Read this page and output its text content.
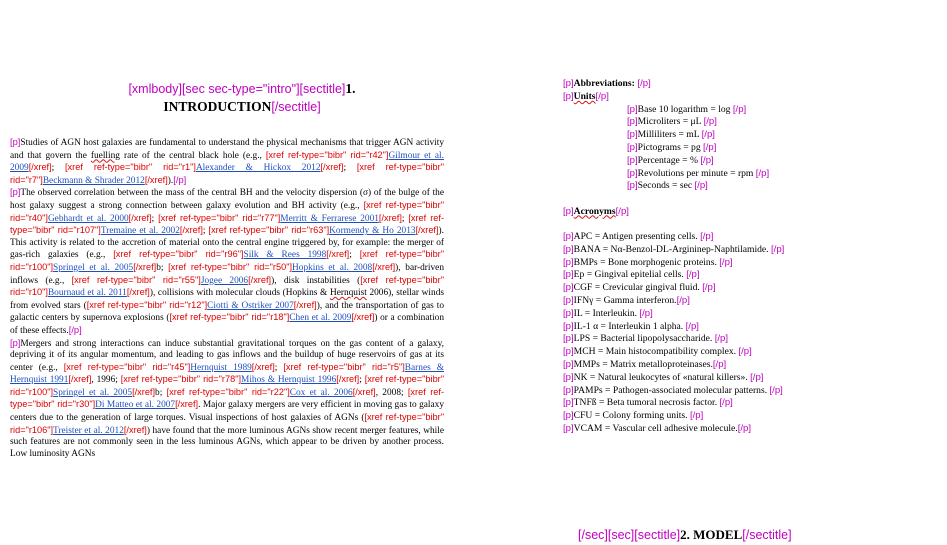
[xmlbody][sec sec-type="intro"][sectitle]1.
INTRODUCTION[/sectitle]

[p]Studies of AGN host galaxies are fundamental to understand the physical mechanisms that trigger AGN activity and that govern the fuelling rate of the central black hole (e.g., [xref ref-type="bibr" rid="r42"]Gilmour et al. 2009[/xref]; [xref ref-type="bibr" rid="r1"]Alexander & Hickox 2012[/xref]; [xref ref-type="bibr" rid="r7"]Beckmann & Shrader 2012[/xref]).[/p]

[p]The observed correlation between the mass of the central BH and the velocity dispersion (σ) of the bulge of the host galaxy suggest a strong connection between galaxy evolution and BH activity (e.g., [xref ref-type="bibr" rid="r40"]Gebhardt et al. 2000[/xref]; [xref ref-type="bibr" rid="r77"]Merritt & Ferrarese 2001[/xref]; [xref ref-type="bibr" rid="r107"]Tremaine et al. 2002[/xref]; [xref ref-type="bibr" rid="r63"]Kormendy & Ho 2013[/xref]). This activity is related to the accretion of material onto the central engine triggered by, for example: the merger of gas-rich galaxies (e.g., [xref ref-type="bibr" rid="r96"]Silk & Rees 1998[/xref]; [xref ref-type="bibr" rid="r100"]Springel et al. 2005[/xref]b; [xref ref-type="bibr" rid="r50"]Hopkins et al. 2008[/xref]), bar-driven inflows (e.g., [xref ref-type="bibr" rid="r55"]Jogee 2006[/xref]), disk instabilities ([xref ref-type="bibr" rid="r10"]Bournaud et al. 2011[/xref]), collisions with molecular clouds (Hopkins & Hernquist 2006), stellar winds from evolved stars ([xref ref-type="bibr" rid="r12"]Ciotti & Ostriker 2007[/xref]), and the transportation of gas to galactic centers by supernova explosions ([xref ref-type="bibr" rid="r18"]Chen et al. 2009[/xref]) or a combination of these effects.[/p]

[p]Mergers and strong interactions can induce substantial gravitational torques on the gas content of a galaxy, depriving it of its angular momentum, and leading to gas inflows and the buildup of huge reservoirs of gas at its center (e.g., [xref ref-type="bibr" rid="r45"]Hernquist 1989[/xref]; [xref ref-type="bibr" rid="r5"]Barnes & Hernquist 1991[/xref], 1996; [xref ref-type="bibr" rid="r78"]Mihos & Hernquist 1996[/xref]; [xref ref-type="bibr" rid="r100"]Springel et al. 2005[/xref]b; [xref ref-type="bibr" rid="r22"]Cox et al. 2006[/xref], 2008; [xref ref-type="bibr" rid="r30"]Di Matteo et al. 2007[/xref]. Major galaxy mergers are very efficient in moving gas to galaxy centers due to the generation of large torques. Visual inspections of host galaxies of AGNs ([xref ref-type="bibr" rid="r106"]Treister et al. 2012[/xref]) have found that the more luminous AGNs show recent merger features, while such features are not commonly seen in the less luminous AGNs, which appear to be driven by another process. Low luminosity AGNs

[p]Abbreviations: [/p]
[p]Units[/p]
[p]Base 10 logarithm = log [/p]
[p]Microliters = μL [/p]
[p]Milliliters = mL [/p]
[p]Pictograms = pg [/p]
[p]Percentage = % [/p]
[p]Revolutions per minute = rpm [/p]
[p]Seconds = sec [/p]
[p]Acronyms[/p]
[p]APC = Antigen presenting cells. [/p]
[p]BANA = Nα-Benzol-DL-Argininep-Naphtilamide. [/p]
[p]BMPs = Bone morphogenic proteins. [/p]
[p]Ep = Gingival epitelial cells. [/p]
[p]CGF = Crevicular gingival fluid. [/p]
[p]IFNγ = Gamma interferon.[/p]
[p]IL = Interleukin. [/p]
[p]IL-1 α = Interleukin 1 alpha. [/p]
[p]LPS = Bacterial lipopolysaccharide. [/p]
[p]MCH = Main histocompatibility complex. [/p]
[p]MMPs = Matrix metalloproteinases.[/p]
[p]NK = Natural leukocytes of «natural killers». [/p]
[p]PAMPs = Pathogen-associated molecular patterns. [/p]
[p]TNFß = Beta tumoral necrosis factor. [/p]
[p]CFU = Colony forming units. [/p]
[p]VCAM = Vascular cell adhesive molecule.[/p]
[/sec][sec][sectitle]2. MODEL[/sectitle]
